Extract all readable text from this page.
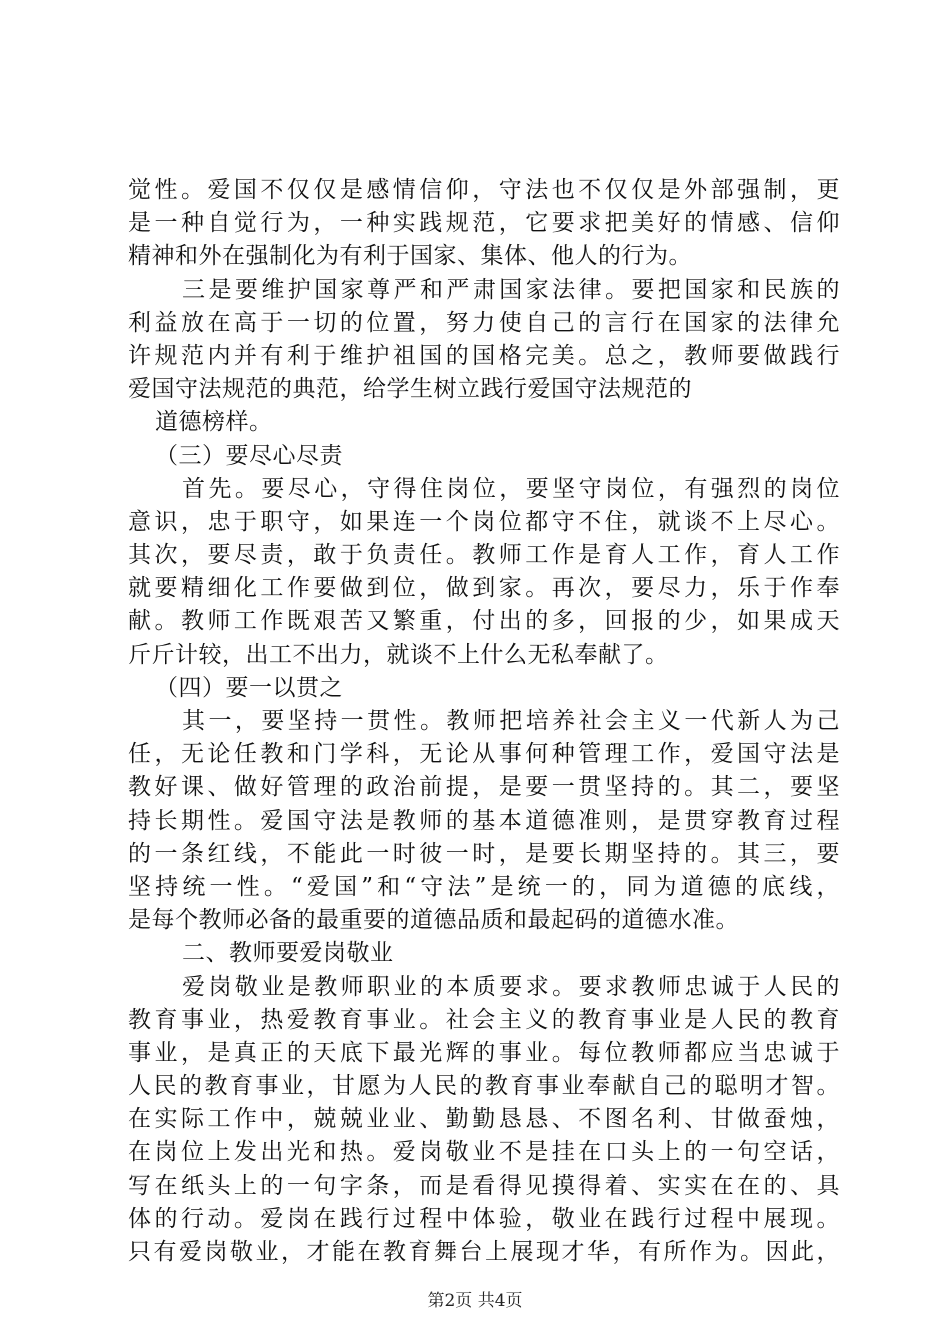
觉性。爱国不仅仅是感情信仰，守法也不仅仅是外部强制，更
是一种自觉行为，一种实践规范，它要求把美好的情感、信仰
精神和外在强制化为有利于国家、集体、他人的行为。
三是要维护国家尊严和严肃国家法律。要把国家和民族的
利益放在高于一切的位置，努力使自己的言行在国家的法律允
许规范内并有利于维护祖国的国格完美。总之，教师要做践行
爱国守法规范的典范，给学生树立践行爱国守法规范的
道德榜样。
（三）要尽心尽责
首先。要尽心，守得住岗位，要坚守岗位，有强烈的岗位
意识，忠于职守，如果连一个岗位都守不住，就谈不上尽心。
其次，要尽责，敢于负责任。教师工作是育人工作，育人工作
就要精细化工作要做到位，做到家。再次，要尽力，乐于作奉
献。教师工作既艰苦又繁重，付出的多，回报的少，如果成天
斤斤计较，出工不出力，就谈不上什么无私奉献了。
（四）要一以贯之
其一，要坚持一贯性。教师把培养社会主义一代新人为己
任，无论任教和门学科，无论从事何种管理工作，爱国守法是
教好课、做好管理的政治前提，是要一贯坚持的。其二，要坚
持长期性。爱国守法是教师的基本道德准则，是贯穿教育过程
的一条红线，不能此一时彼一时，是要长期坚持的。其三，要
坚持统一性。“爱国”和“守法”是统一的，同为道德的底线，
是每个教师必备的最重要的道德品质和最起码的道德水准。
二、教师要爱岗敬业
爱岗敬业是教师职业的本质要求。要求教师忠诚于人民的
教育事业，热爱教育事业。社会主义的教育事业是人民的教育
事业，是真正的天底下最光辉的事业。每位教师都应当忠诚于
人民的教育事业，甘愿为人民的教育事业奉献自己的聪明才智。
在实际工作中，兢兢业业、勤勤恳恳、不图名利、甘做蚕烛，
在岗位上发出光和热。爱岗敬业不是挂在口头上的一句空话，
写在纸头上的一句字条，而是看得见摸得着、实实在在的、具
体的行动。爱岗在践行过程中体验，敬业在践行过程中展现。
只有爱岗敬业，才能在教育舞台上展现才华，有所作为。因此，
第2页 共4页
